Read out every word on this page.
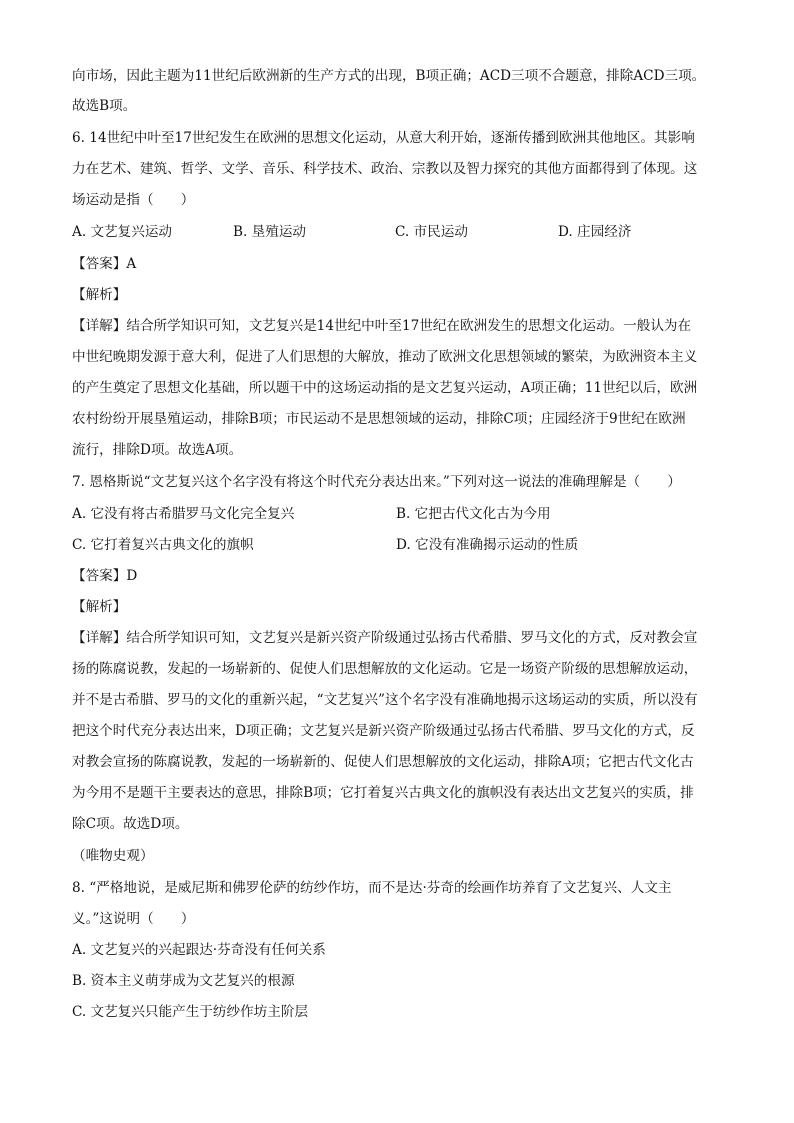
向市场，因此主题为11世纪后欧洲新的生产方式的出现，B项正确；ACD三项不合题意，排除ACD三项。
故选B项。
6. 14世纪中叶至17世纪发生在欧洲的思想文化运动，从意大利开始，逐渐传播到欧洲其他地区。其影响
力在艺术、建筑、哲学、文学、音乐、科学技术、政治、宗教以及智力探究的其他方面都得到了体现。这
场运动是指（　　）
A. 文艺复兴运动	B. 垦殖运动	C. 市民运动	D. 庄园经济
【答案】A
【解析】
【详解】结合所学知识可知，文艺复兴是14世纪中叶至17世纪在欧洲发生的思想文化运动。一般认为在
中世纪晚期发源于意大利，促进了人们思想的大解放，推动了欧洲文化思想领域的繁荣，为欧洲资本主义
的产生奠定了思想文化基础，所以题干中的这场运动指的是文艺复兴运动，A项正确；11世纪以后，欧洲
农村纷纷开展垦殖运动，排除B项；市民运动不是思想领域的运动，排除C项；庄园经济于9世纪在欧洲
流行，排除D项。故选A项。
7. 恩格斯说“文艺复兴这个名字没有将这个时代充分表达出来。”下列对这一说法的准确理解是（　　）
A. 它没有将古希腊罗马文化完全复兴	B. 它把古代文化古为今用
C. 它打着复兴古典文化的旗帜	D. 它没有准确揭示运动的性质
【答案】D
【解析】
【详解】结合所学知识可知，文艺复兴是新兴资产阶级通过弘扬古代希腊、罗马文化的方式，反对教会宣
扬的陈腐说教，发起的一场崭新的、促使人们思想解放的文化运动。它是一场资产阶级的思想解放运动，
并不是古希腊、罗马的文化的重新兴起，“文艺复兴”这个名字没有准确地揭示这场运动的实质，所以没有
把这个时代充分表达出来，D项正确；文艺复兴是新兴资产阶级通过弘扬古代希腊、罗马文化的方式，反
对教会宣扬的陈腐说教，发起的一场崭新的、促使人们思想解放的文化运动，排除A项；它把古代文化古
为今用不是题干主要表达的意思，排除B项；它打着复兴古典文化的旗帜没有表达出文艺复兴的实质，排
除C项。故选D项。
（唯物史观）
8. “严格地说，是威尼斯和佛罗伦萨的纺纱作坊，而不是达·芬奇的绘画作坊养育了文艺复兴、人文主
义。”这说明（　　）
A. 文艺复兴的兴起跟达·芬奇没有任何关系
B. 资本主义萌芽成为文艺复兴的根源
C. 文艺复兴只能产生于纺纱作坊主阶层
